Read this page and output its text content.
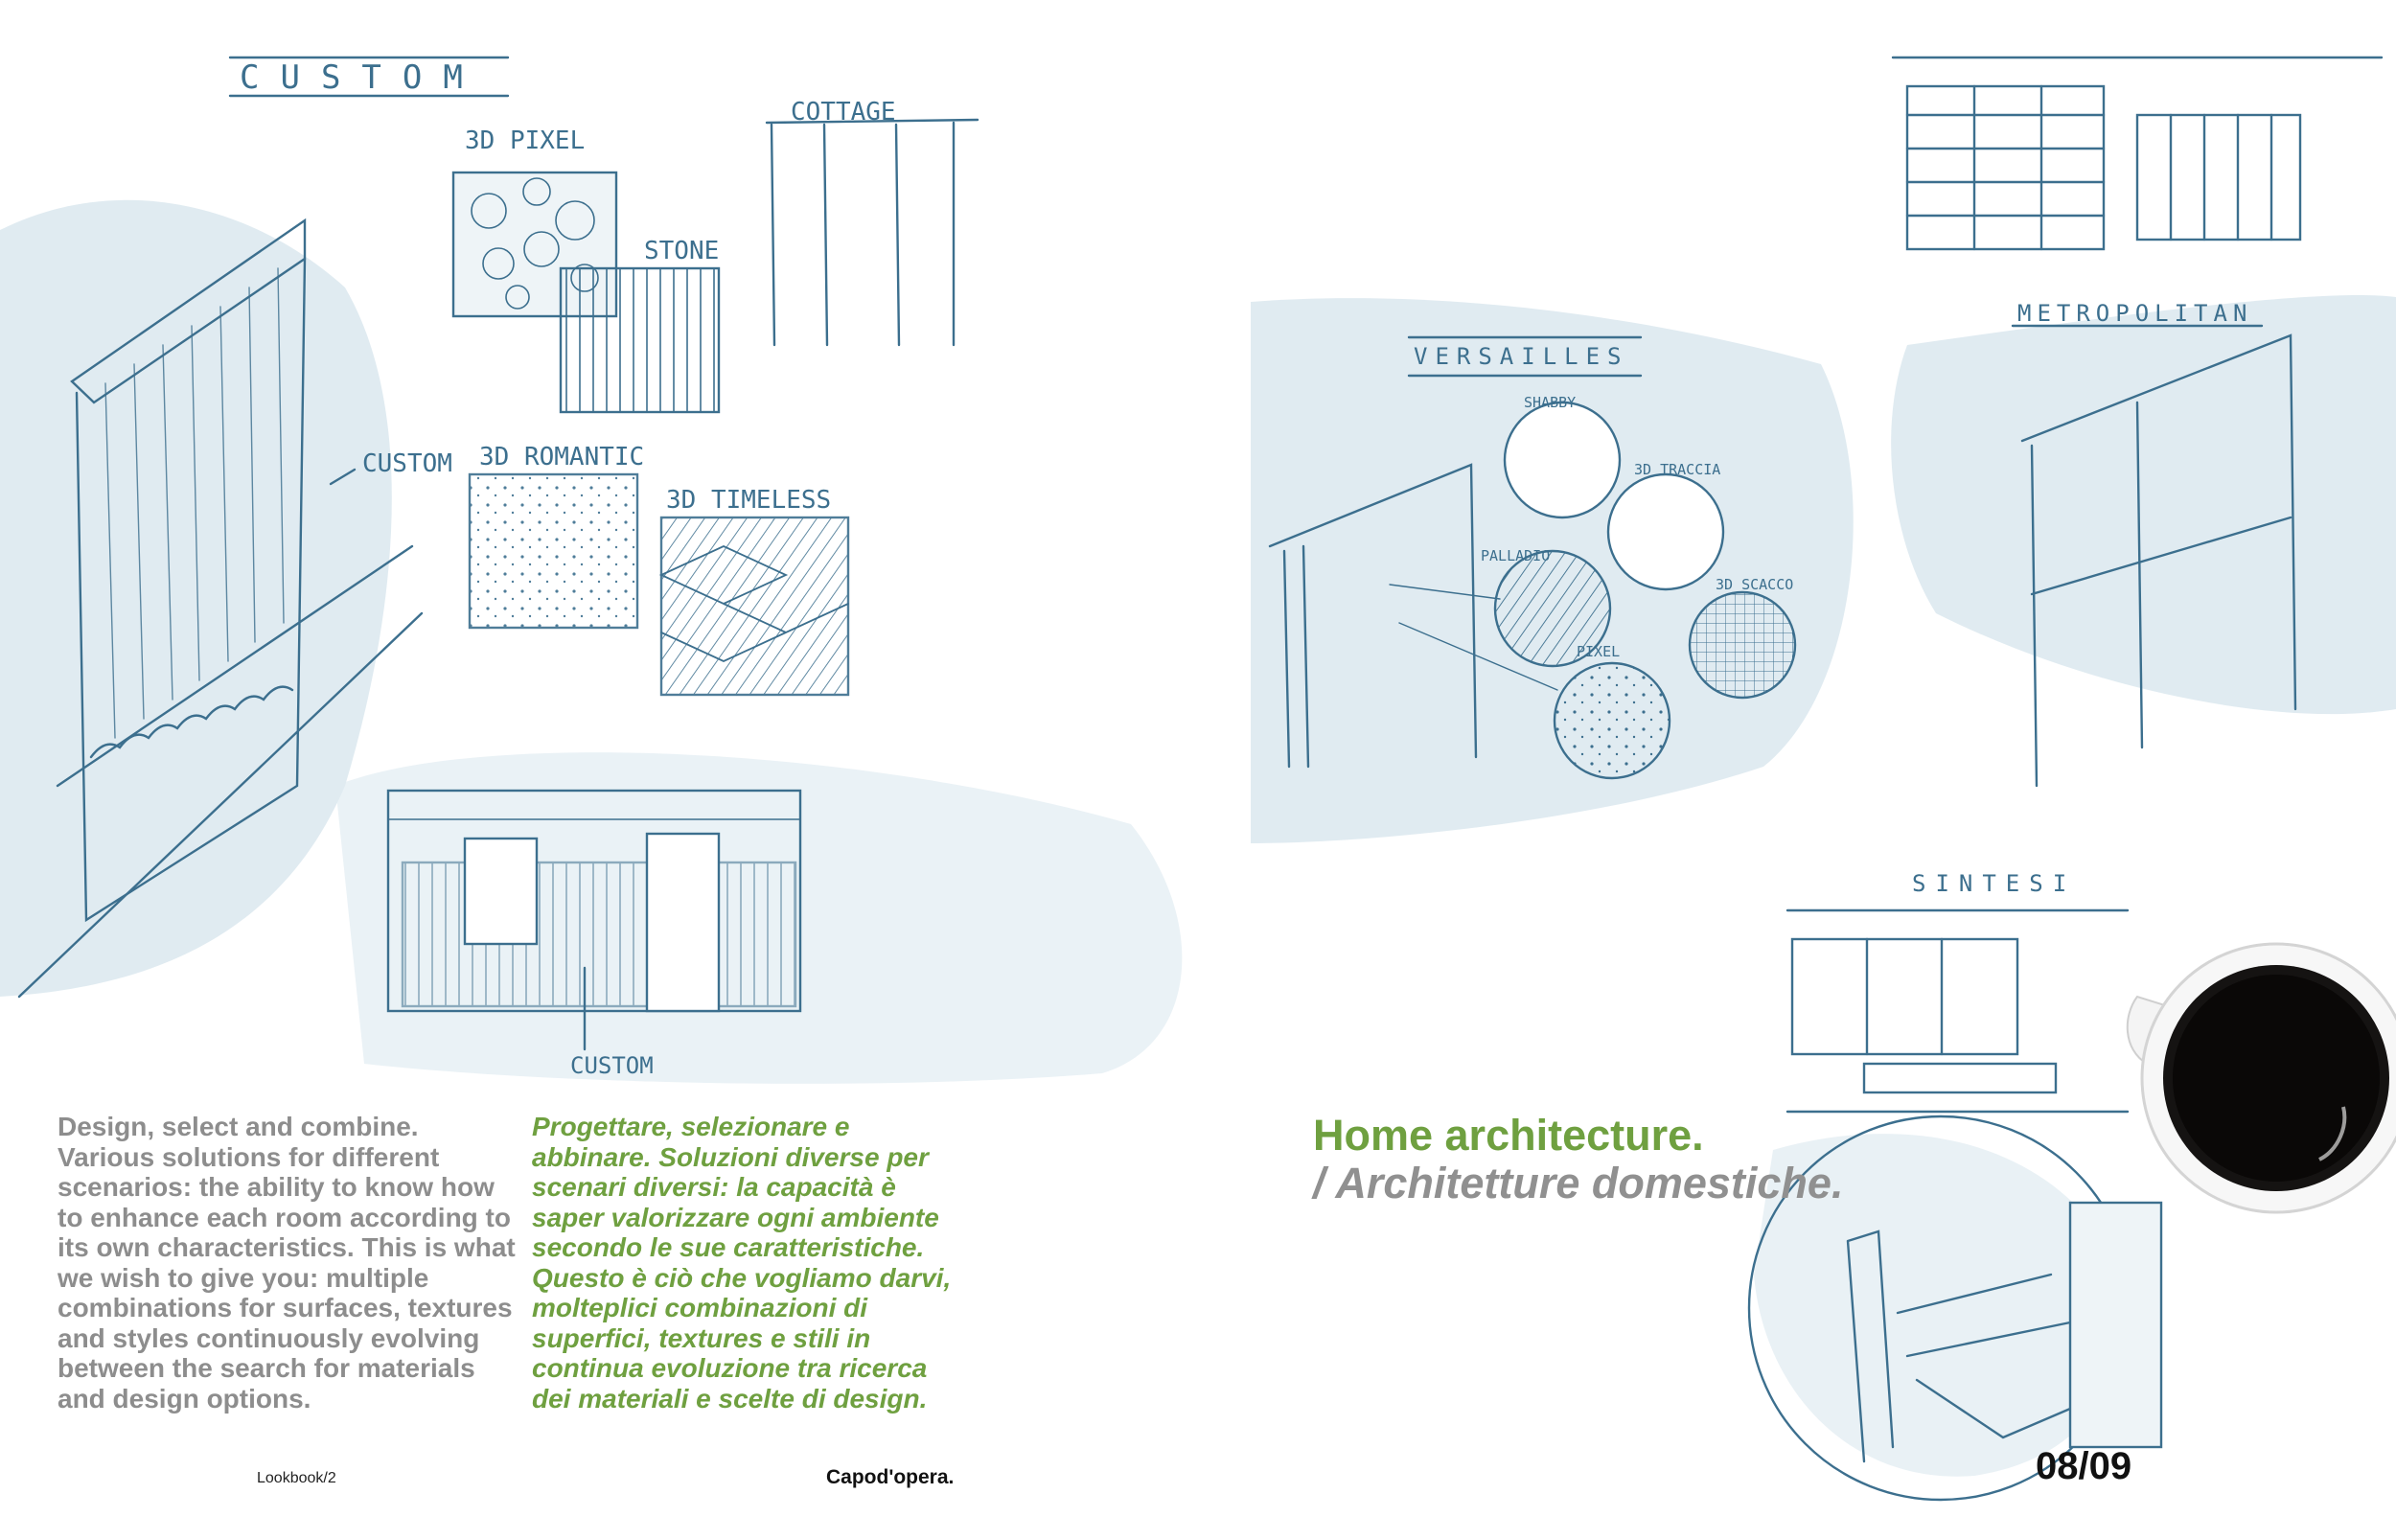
CUSTOM
CUSTOM
3D PIXEL
COTTAGE
STONE
3D ROMANTIC
3D TIMELESS
CUSTOM
VERSAILLES
SHABBY
3D TRACCIA
PALLADIO
3D SCACCO
PIXEL
METROPOLITAN
SINTESI

Design, select and combine. Various solutions for different scenarios: the ability to know how to enhance each room according to its own characteristics. This is what we wish to give you: multiple combinations for surfaces, textures and styles continuously evolving between the search for materials and design options.

Progettare, selezionare e abbinare. Soluzioni diverse per scenari diversi: la capacità è saper valorizzare ogni ambiente secondo le sue caratteristiche. Questo è ciò che vogliamo darvi, molteplici combinazioni di superfici, textures e stili in continua evoluzione tra ricerca dei materiali e scelte di design.

Lookbook/2	Capod'opera.
Home architecture.
/ Architetture domestiche.
08/09
